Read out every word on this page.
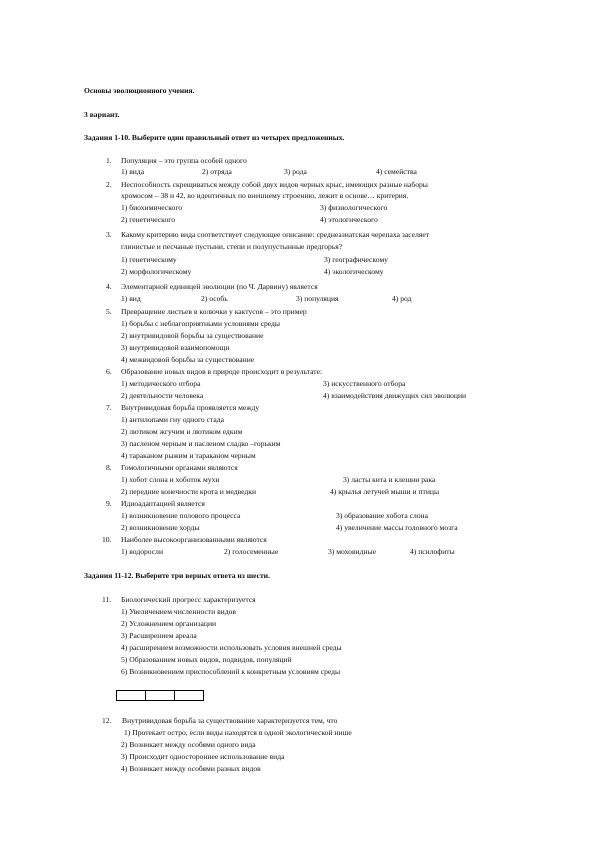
Основы эволюционного учения.
3 вариант.
Задания 1-10. Выберите один правильный ответ из четырех предложенных.
1. Популяция – это группа особей одного
1) вида	2) отряда	3) рода	4) семейства
2. Неспособность скрещиваться между собой двух видов черных крыс, имеющих разные наборы
хромосом – 38 и 42, во идентичных по внешнему строению, лежит в основе… критерия.
1) биохимического	3) физиологического
2) генетического	4) этологического
3. Какому критерию вида соответствует следующее описание: среднеазиатская черепаха заселяет
глинистые и песчаные пустыни, степи и полупустынные предгорья?
1) генетическому	3) географическому
2) морфологическому	4) экологическому
4. Элементарной единицей эволюции (по Ч. Дарвину) является
1) вид	2) особь	3) популяция	4) род
5. Превращение листьев в колючки у кактусов – это пример
1) борьбы с неблагоприятными условиями среды
2) внутривидовой борьбы за существование
3) внутривидовой взаимопомощи
4) межвидовой борьбы за существование
6. Образование новых видов в природе происходит в результате:
1) методического отбора	3) искусственного отбора
2) деятельности человека	4) взаимодействия движущих сил эволюции
7. Внутривидовая борьба проявляется между
1) антилопами гну одного стада
2) лютиком жгучим и лютиком едким
3) пасленом черным и пасленом сладко –горьким
4) тараканом рыжим и тараканом черным
8. Гомологичными органами являются
1) хобот слона и хоботок мухи	3) ласты кита и клешни рака
2) передние конечности крота и медведки	4) крылья летучей мыши и птицы
9. Идиоадаптацией является
1) возникновение полового процесса	3) образование хобота слона
2) возникновение хорды	4) увеличение массы головного мозга
10. Наиболее высокоорганизованными являются
1) водоросли	2) голосеменные	3) моховидные	4) псилофиты
Задания 11-12. Выберите три верных ответа из шести.
11. Биологический прогресс характеризуется
1) Увеличением численности видов
2) Усложнением организации
3) Расширением ареала
4) расширением возможности использовать условия внешней среды
5) Образованием новых видов, подвидов, популяций
6) Возникновением приспособлений к конкретным условиям среды
12. Внутривидовая борьба за существование характеризуется тем, что
1) Протекает остро, если виды находятся в одной экологической нише
2) Возникает между особями одного вида
3) Происходит одностороннее использование вида
4) Возникает между особями разных видов
